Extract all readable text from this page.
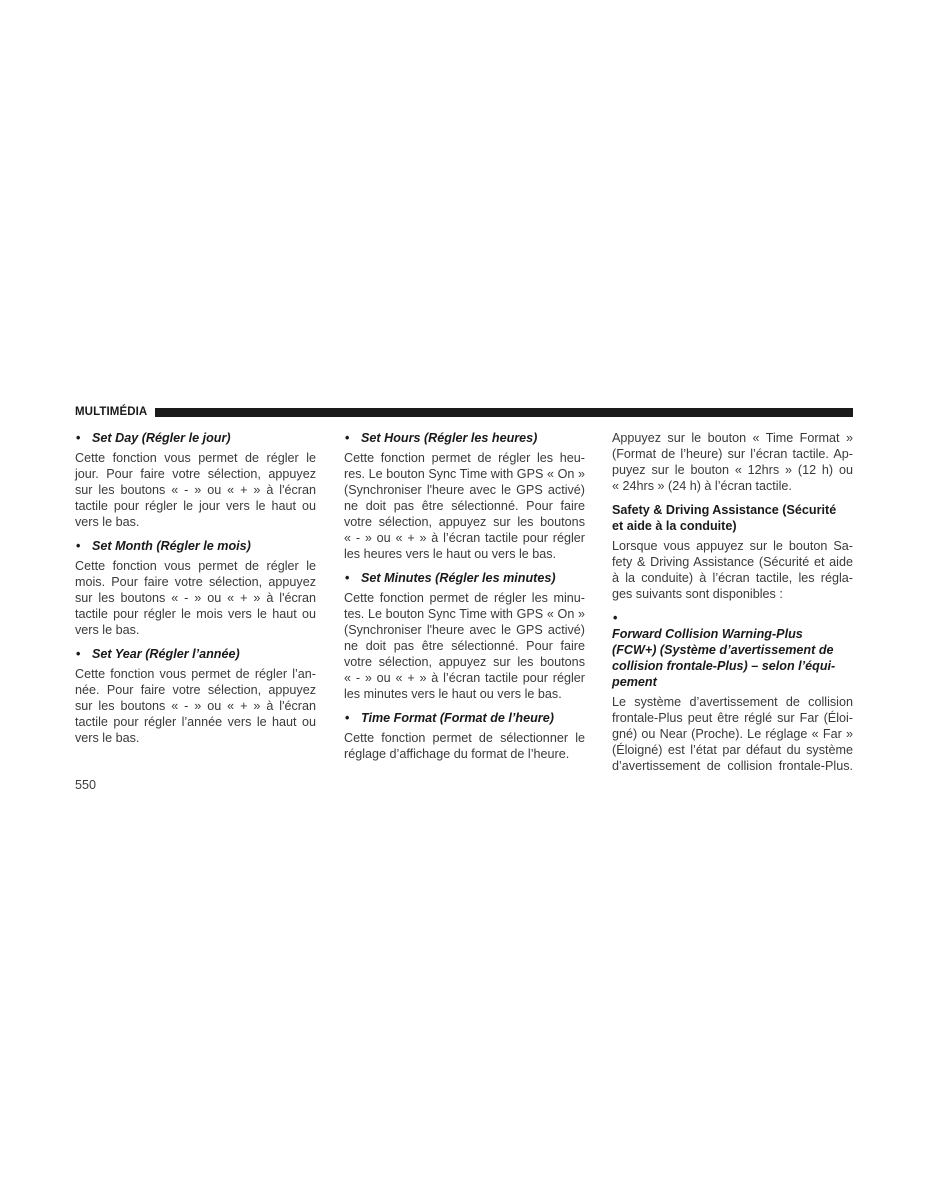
MULTIMÉDIA
• Set Day (Régler le jour)
Cette fonction vous permet de régler le
jour. Pour faire votre sélection, appuyez
sur les boutons « - » ou « + » à l'écran
tactile pour régler le jour vers le haut ou
vers le bas.
• Set Month (Régler le mois)
Cette fonction vous permet de régler le
mois. Pour faire votre sélection, appuyez
sur les boutons « - » ou « + » à l'écran
tactile pour régler le mois vers le haut ou
vers le bas.
• Set Year (Régler l’année)
Cette fonction vous permet de régler l’an-
née. Pour faire votre sélection, appuyez
sur les boutons « - » ou « + » à l'écran
tactile pour régler l’année vers le haut ou
vers le bas.
• Set Hours (Régler les heures)
Cette fonction permet de régler les heu-
res. Le bouton Sync Time with GPS « On »
(Synchroniser l'heure avec le GPS activé)
ne doit pas être sélectionné. Pour faire
votre sélection, appuyez sur les boutons
« - » ou « + » à l’écran tactile pour régler
les heures vers le haut ou vers le bas.
• Set Minutes (Régler les minutes)
Cette fonction permet de régler les minu-
tes. Le bouton Sync Time with GPS « On »
(Synchroniser l'heure avec le GPS activé)
ne doit pas être sélectionné. Pour faire
votre sélection, appuyez sur les boutons
« - » ou « + » à l’écran tactile pour régler
les minutes vers le haut ou vers le bas.
• Time Format (Format de l’heure)
Cette fonction permet de sélectionner le
réglage d’affichage du format de l’heure.
Appuyez sur le bouton « Time Format »
(Format de l’heure) sur l’écran tactile. Ap-
puyez sur le bouton « 12hrs » (12 h) ou
« 24hrs » (24 h) à l’écran tactile.
Safety & Driving Assistance (Sécurité
et aide à la conduite)
Lorsque vous appuyez sur le bouton Sa-
fety & Driving Assistance (Sécurité et aide
à la conduite) à l’écran tactile, les régla-
ges suivants sont disponibles :
•
Forward Collision Warning-Plus
(FCW+) (Système d’avertissement de
collision frontale-Plus) – selon l’équi-
pement
Le système d’avertissement de collision
frontale-Plus peut être réglé sur Far (Éloi-
gné) ou Near (Proche). Le réglage « Far »
(Éloigné) est l’état par défaut du système
d’avertissement de collision frontale-Plus.
550
